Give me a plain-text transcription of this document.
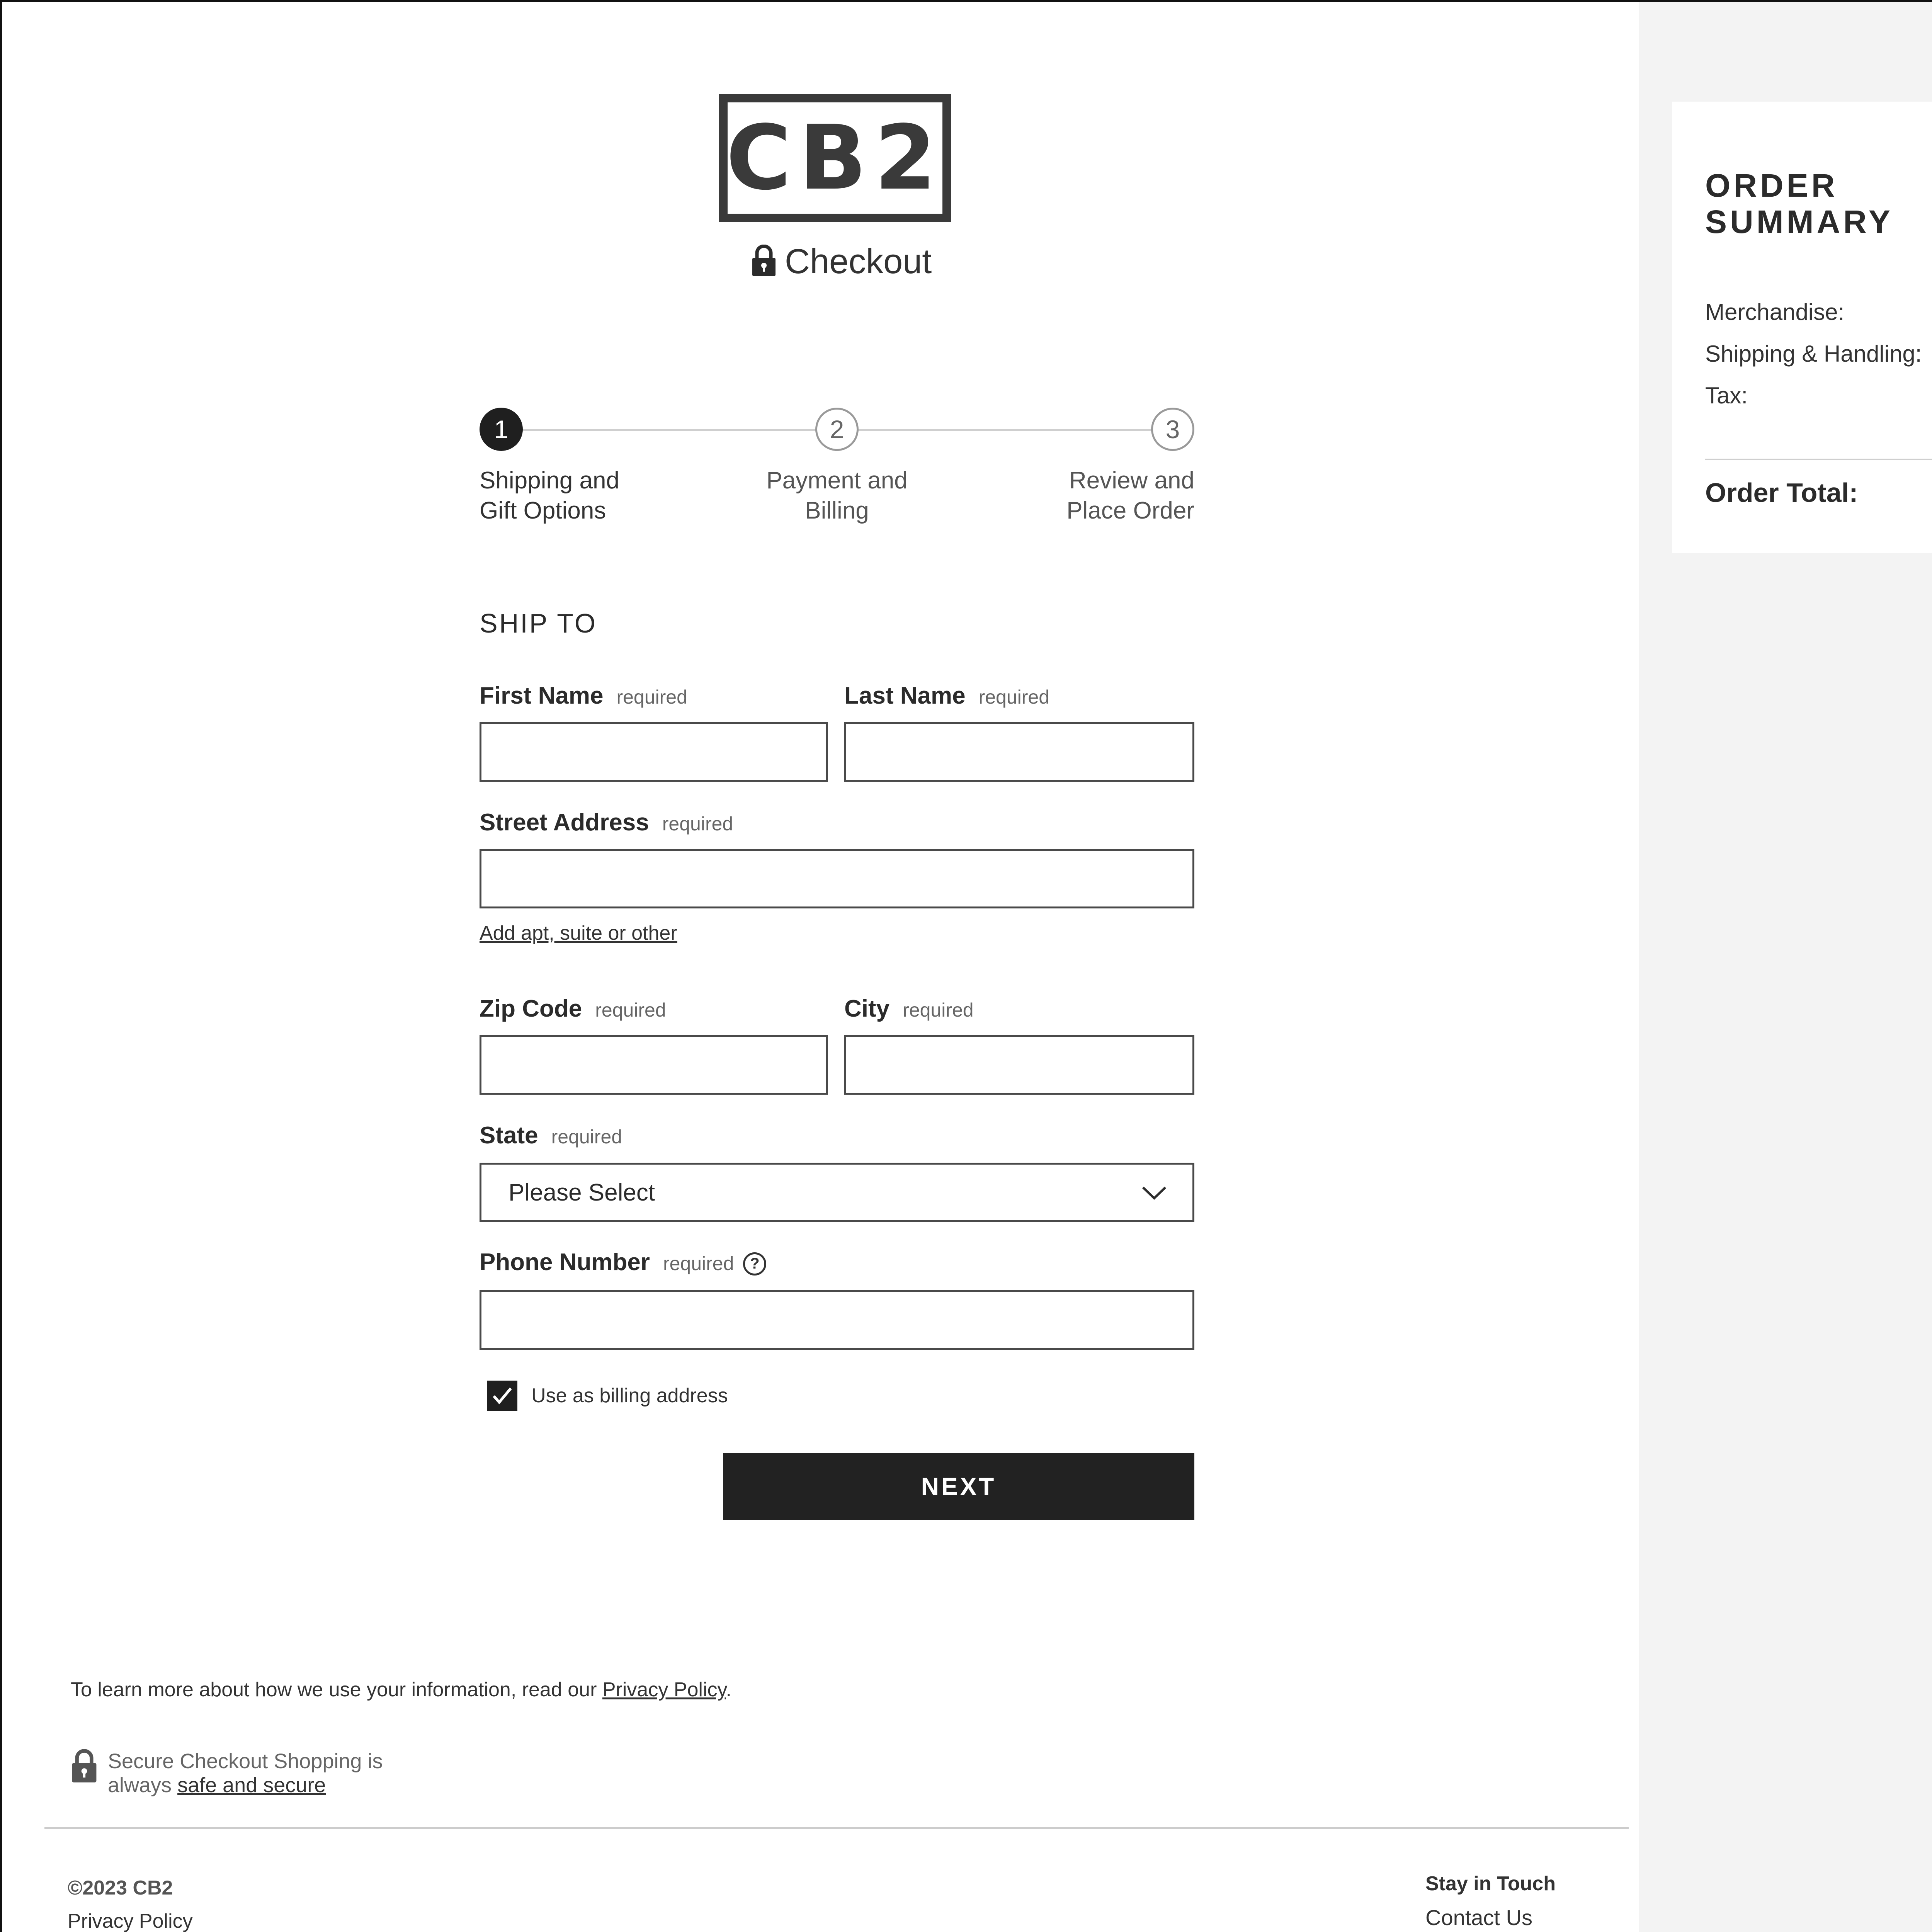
CB2
Checkout
1	2	3
Shipping and
Gift Options
Payment and
Billing
Review and
Place Order
SHIP TO
First Name required	Last Name required
Street Address required
Add apt, suite or other
Zip Code required	City required
State required
Please Select
Phone Number required ?
Use as billing address
NEXT
To learn more about how we use your information, read our Privacy Policy.
Secure Checkout Shopping is
always safe and secure
©2023 CB2
Privacy Policy
Stay in Touch
Contact Us
ORDER
SUMMARY
Merchandise:
Shipping & Handling:
Tax:
Order Total:
